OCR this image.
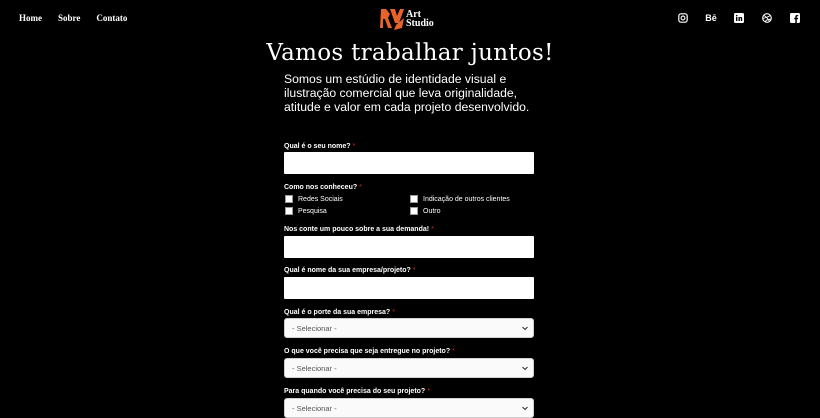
Home Sobre Contato	Art
Studio	Bē
Vamos trabalhar juntos!

Somos um estúdio de identidade visual e ilustração comercial que leva originalidade, atitude e valor em cada projeto desenvolvido.

Qual é o seu nome? *
Como nos conheceu? *
Redes Sociais
Pesquisa
Indicação de outros clientes
Outro
Nos conte um pouco sobre a sua demanda! *
Qual é nome da sua empresa/projeto? *
Qual é o porte da sua empresa? *
- Selecionar -
O que você precisa que seja entregue no projeto? *
- Selecionar -
Para quando você precisa do seu projeto? *
- Selecionar -
